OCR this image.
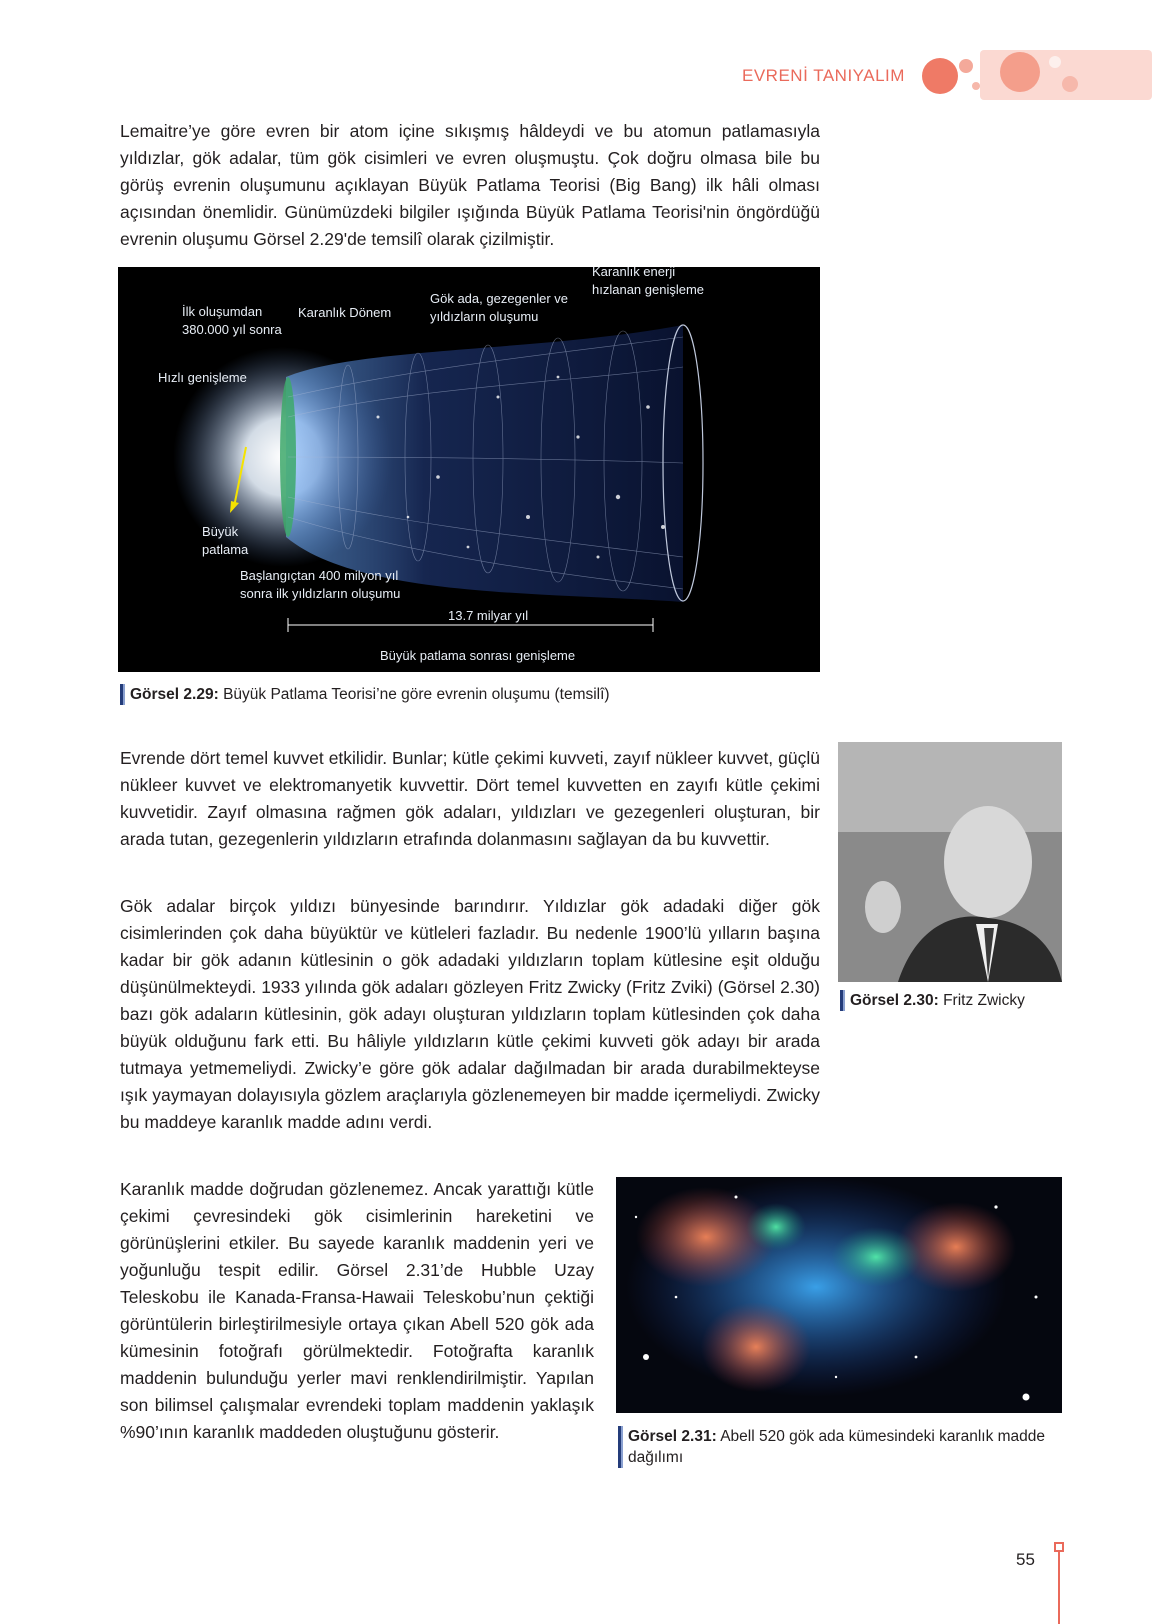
EVRENİ TANIYALIM

Lemaitre’ye göre evren bir atom içine sıkışmış hâldeydi ve bu atomun patlamasıyla yıldızlar, gök adalar, tüm gök cisimleri ve evren oluşmuştu. Çok doğru olmasa bile bu görüş evrenin oluşumunu açıklayan Büyük Patlama Teorisi (Big Bang) ilk hâli olması açısından önemlidir. Günümüzdeki bilgiler ışığında Büyük Patlama Teorisi'nin öngördüğü evrenin oluşumu Görsel 2.29'de temsilî olarak çizilmiştir.

İlk oluşumdan
380.000 yıl sonra
Karanlık Dönem
Gök ada, gezegenler ve
yıldızların oluşumu
Karanlık enerji
hızlanan genişleme
Hızlı genişleme
Büyük
patlama
Başlangıçtan 400 milyon yıl
sonra ilk yıldızların oluşumu
13.7 milyar yıl
Büyük patlama sonrası genişleme
Görsel 2.29: Büyük Patlama Teorisi’ne göre evrenin oluşumu (temsilî)

Evrende dört temel kuvvet etkilidir. Bunlar; kütle çekimi kuvveti, zayıf nükleer kuvvet, güçlü nükleer kuvvet ve elektromanyetik kuvvettir. Dört temel kuvvetten en zayıfı kütle çekimi kuvvetidir. Zayıf olmasına rağmen gök adaları, yıldızları ve gezegenleri oluşturan, bir arada tutan, gezegenlerin yıldızların etrafında dolanmasını sağlayan da bu kuvvettir.

Gök adalar birçok yıldızı bünyesinde barındırır. Yıldızlar gök adadaki diğer gök cisimlerinden çok daha büyüktür ve kütleleri fazladır. Bu nedenle 1900’lü yılların başına kadar bir gök adanın kütlesinin o gök adadaki yıldızların toplam kütlesine eşit olduğu düşünülmekteydi. 1933 yılında gök adaları gözleyen Fritz Zwicky (Fritz Zviki) (Görsel 2.30) bazı gök adaların kütlesinin, gök adayı oluşturan yıldızların toplam kütlesinden çok daha büyük olduğunu fark etti. Bu hâliyle yıldızların kütle çekimi kuvveti gök adayı bir arada tutmaya yetmemeliydi. Zwicky’e göre gök adalar dağılmadan bir arada durabilmekteyse ışık yaymayan dolayısıyla gözlem araçlarıyla gözlenemeyen bir madde içermeliydi. Zwicky bu maddeye karanlık madde adını verdi.

Görsel 2.30: Fritz Zwicky

Karanlık madde doğrudan gözlenemez. Ancak yarattığı kütle çekimi çevresindeki gök cisimlerinin hareketini ve görünüşlerini etkiler. Bu sayede karanlık maddenin yeri ve yoğunluğu tespit edilir. Görsel 2.31’de Hubble Uzay Teleskobu ile Kanada-Fransa-Hawaii Teleskobu’nun çektiği görüntülerin birleştirilmesiyle ortaya çıkan Abell 520 gök ada kümesinin fotoğrafı görülmektedir. Fotoğrafta karanlık maddenin bulunduğu yerler mavi renklendirilmiştir. Yapılan son bilimsel çalışmalar evrendeki toplam maddenin yaklaşık %90’ının karanlık maddeden oluştuğunu gösterir.	Görsel 2.31: Abell 520 gök ada kümesindeki karanlık madde dağılımı
55
